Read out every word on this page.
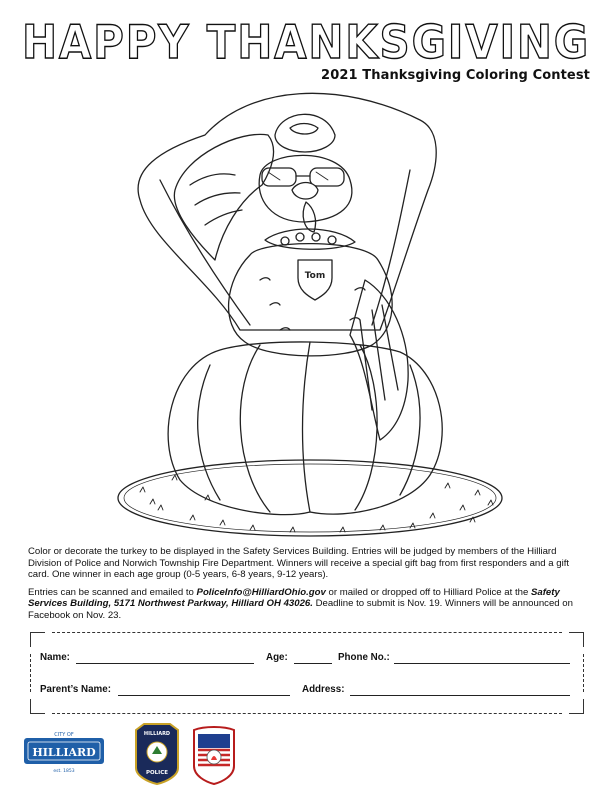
HAPPY THANKSGIVING
2021 Thanksgiving Coloring Contest
Tom

Color or decorate the turkey to be displayed in the Safety Services Building. Entries will be judged by members of the Hilliard Division of Police and Norwich Township Fire Department. Winners will receive a special gift bag from first responders and a gift card. One winner in each age group (0-5 years, 6-8 years, 9-12 years).

Entries can be scanned and emailed to PoliceInfo@HilliardOhio.gov or mailed or dropped off to Hilliard Police at the Safety Services Building, 5171 Northwest Parkway, Hilliard OH 43026. Deadline to submit is Nov. 19. Winners will be announced on Facebook on Nov. 23.

Name:	Age:	Phone No.:
Parent’s Name:	Address:
CITY OF
HILLIARD
est. 1853
HILLIARD
POLICE
